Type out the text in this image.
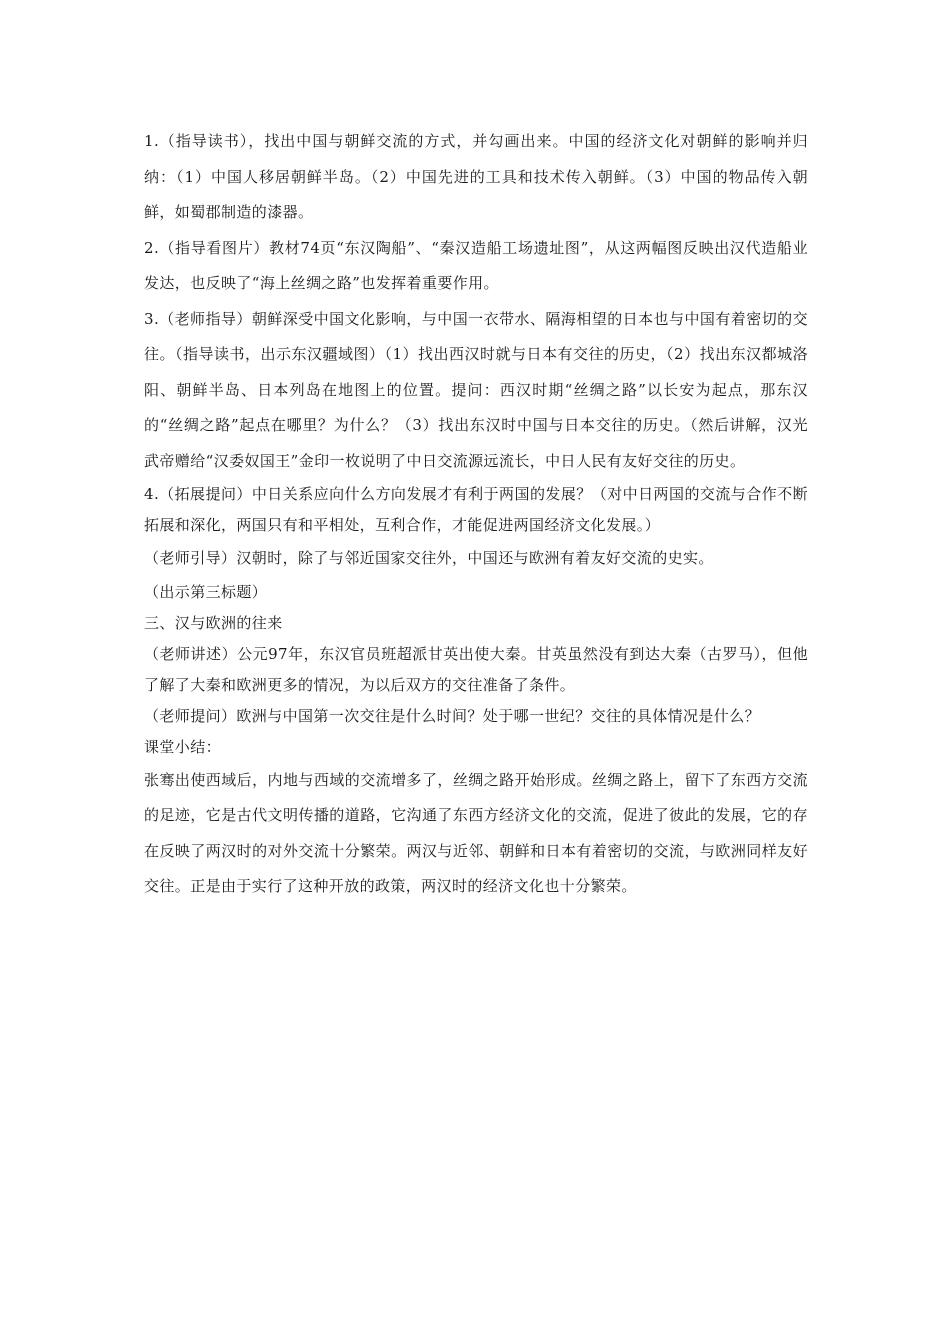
1.（指导读书），找出中国与朝鲜交流的方式，并勾画出来。中国的经济文化对朝鲜的影响并归纳：（1）中国人移居朝鲜半岛。（2）中国先进的工具和技术传入朝鲜。（3）中国的物品传入朝鲜，如蜀郡制造的漆器。

2.（指导看图片）教材74页“东汉陶船”、“秦汉造船工场遗址图”，从这两幅图反映出汉代造船业发达，也反映了“海上丝绸之路”也发挥着重要作用。

3.（老师指导）朝鲜深受中国文化影响，与中国一衣带水、隔海相望的日本也与中国有着密切的交往。（指导读书，出示东汉疆域图）（1）找出西汉时就与日本有交往的历史，（2）找出东汉都城洛阳、朝鲜半岛、日本列岛在地图上的位置。提问：西汉时期“丝绸之路”以长安为起点，那东汉的“丝绸之路”起点在哪里？为什么？（3）找出东汉时中国与日本交往的历史。（然后讲解，汉光武帝赠给“汉委奴国王”金印一枚说明了中日交流源远流长，中日人民有友好交往的历史。

4.（拓展提问）中日关系应向什么方向发展才有利于两国的发展？（对中日两国的交流与合作不断拓展和深化，两国只有和平相处，互利合作，才能促进两国经济文化发展。）

（老师引导）汉朝时，除了与邻近国家交往外，中国还与欧洲有着友好交流的史实。

（出示第三标题）

三、汉与欧洲的往来

（老师讲述）公元97年，东汉官员班超派甘英出使大秦。甘英虽然没有到达大秦（古罗马），但他了解了大秦和欧洲更多的情况，为以后双方的交往准备了条件。

（老师提问）欧洲与中国第一次交往是什么时间？处于哪一世纪？交往的具体情况是什么？

课堂小结：

张骞出使西域后，内地与西域的交流增多了，丝绸之路开始形成。丝绸之路上，留下了东西方交流的足迹，它是古代文明传播的道路，它沟通了东西方经济文化的交流，促进了彼此的发展，它的存在反映了两汉时的对外交流十分繁荣。两汉与近邻、朝鲜和日本有着密切的交流，与欧洲同样友好交往。正是由于实行了这种开放的政策，两汉时的经济文化也十分繁荣。
